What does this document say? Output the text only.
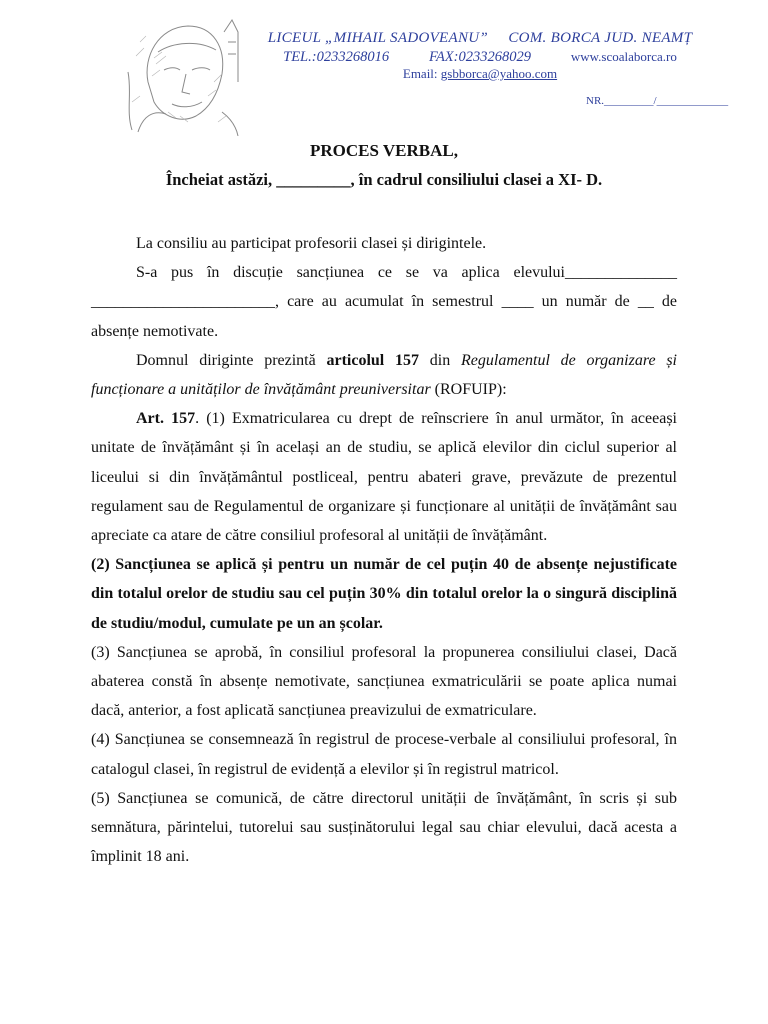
LICEUL „MIHAIL SADOVEANU” COM. BORCA JUD. NEAMȚ
TEL.:0233268016	FAX:0233268029	www.scoalaborca.ro
Email: gsbborca@yahoo.com
NR._________/_____________
PROCES VERBAL,
Încheiat astăzi, _________, în cadrul consiliului clasei a XI- D.

La consiliu au participat profesorii clasei și dirigintele.

S-a pus în discuție sancțiunea ce se va aplica elevului______________ _______________________, care au acumulat în semestrul ____ un număr de __ de absențe nemotivate.

Domnul diriginte prezintă articolul 157 din Regulamentul de organizare și funcționare a unităților de învățământ preuniversitar (ROFUIP):

Art. 157. (1) Exmatricularea cu drept de reînscriere în anul următor, în aceeași unitate de învățământ și în același an de studiu, se aplică elevilor din ciclul superior al liceului si din învățământul postliceal, pentru abateri grave, prevăzute de prezentul regulament sau de Regulamentul de organizare și funcționare al unității de învățământ sau apreciate ca atare de către consiliul profesoral al unității de învățământ.

(2) Sancțiunea se aplică și pentru un număr de cel puțin 40 de absențe nejustificate din totalul orelor de studiu sau cel puțin 30% din totalul orelor la o singură disciplină de studiu/modul, cumulate pe un an școlar.

(3) Sancțiunea se aprobă, în consiliul profesoral la propunerea consiliului clasei, Dacă abaterea constă în absențe nemotivate, sancțiunea exmatriculării se poate aplica numai dacă, anterior, a fost aplicată sancțiunea preavizului de exmatriculare.

(4) Sancțiunea se consemnează în registrul de procese-verbale al consiliului profesoral, în catalogul clasei, în registrul de evidență a elevilor și în registrul matricol.

(5) Sancțiunea se comunică, de către directorul unității de învățământ, în scris și sub semnătura, părintelui, tutorelui sau susținătorului legal sau chiar elevului, dacă acesta a împlinit 18 ani.
